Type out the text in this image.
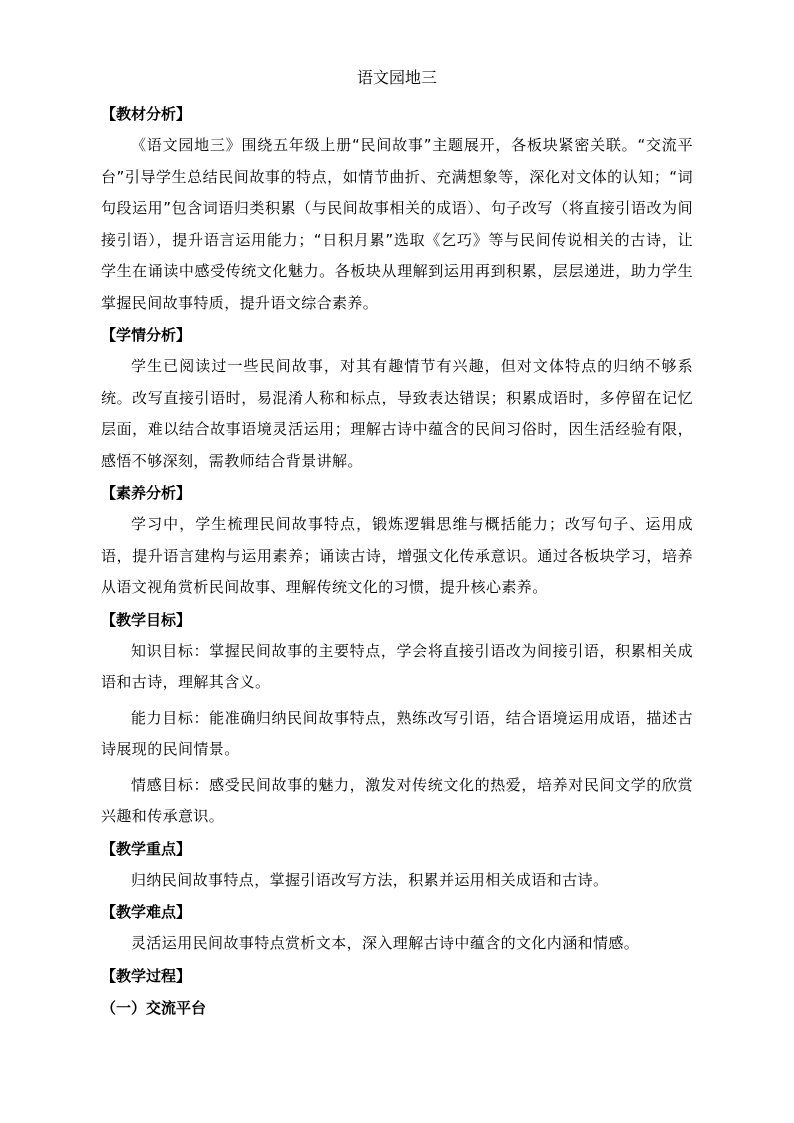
语文园地三
【教材分析】

《语文园地三》围绕五年级上册“民间故事”主题展开，各板块紧密关联。“交流平台”引导学生总结民间故事的特点，如情节曲折、充满想象等，深化对文体的认知；“词句段运用”包含词语归类积累（与民间故事相关的成语）、句子改写（将直接引语改为间接引语），提升语言运用能力；“日积月累”选取《乞巧》等与民间传说相关的古诗，让学生在诵读中感受传统文化魅力。各板块从理解到运用再到积累，层层递进，助力学生掌握民间故事特质，提升语文综合素养。

【学情分析】

学生已阅读过一些民间故事，对其有趣情节有兴趣，但对文体特点的归纳不够系统。改写直接引语时，易混淆人称和标点，导致表达错误；积累成语时，多停留在记忆层面，难以结合故事语境灵活运用；理解古诗中蕴含的民间习俗时，因生活经验有限，感悟不够深刻，需教师结合背景讲解。

【素养分析】

学习中，学生梳理民间故事特点，锻炼逻辑思维与概括能力；改写句子、运用成语，提升语言建构与运用素养；诵读古诗，增强文化传承意识。通过各板块学习，培养从语文视角赏析民间故事、理解传统文化的习惯，提升核心素养。

【教学目标】

知识目标：掌握民间故事的主要特点，学会将直接引语改为间接引语，积累相关成语和古诗，理解其含义。

能力目标：能准确归纳民间故事特点，熟练改写引语，结合语境运用成语，描述古诗展现的民间情景。

情感目标：感受民间故事的魅力，激发对传统文化的热爱，培养对民间文学的欣赏兴趣和传承意识。

【教学重点】

归纳民间故事特点，掌握引语改写方法，积累并运用相关成语和古诗。

【教学难点】

灵活运用民间故事特点赏析文本，深入理解古诗中蕴含的文化内涵和情感。

【教学过程】
（一）交流平台
